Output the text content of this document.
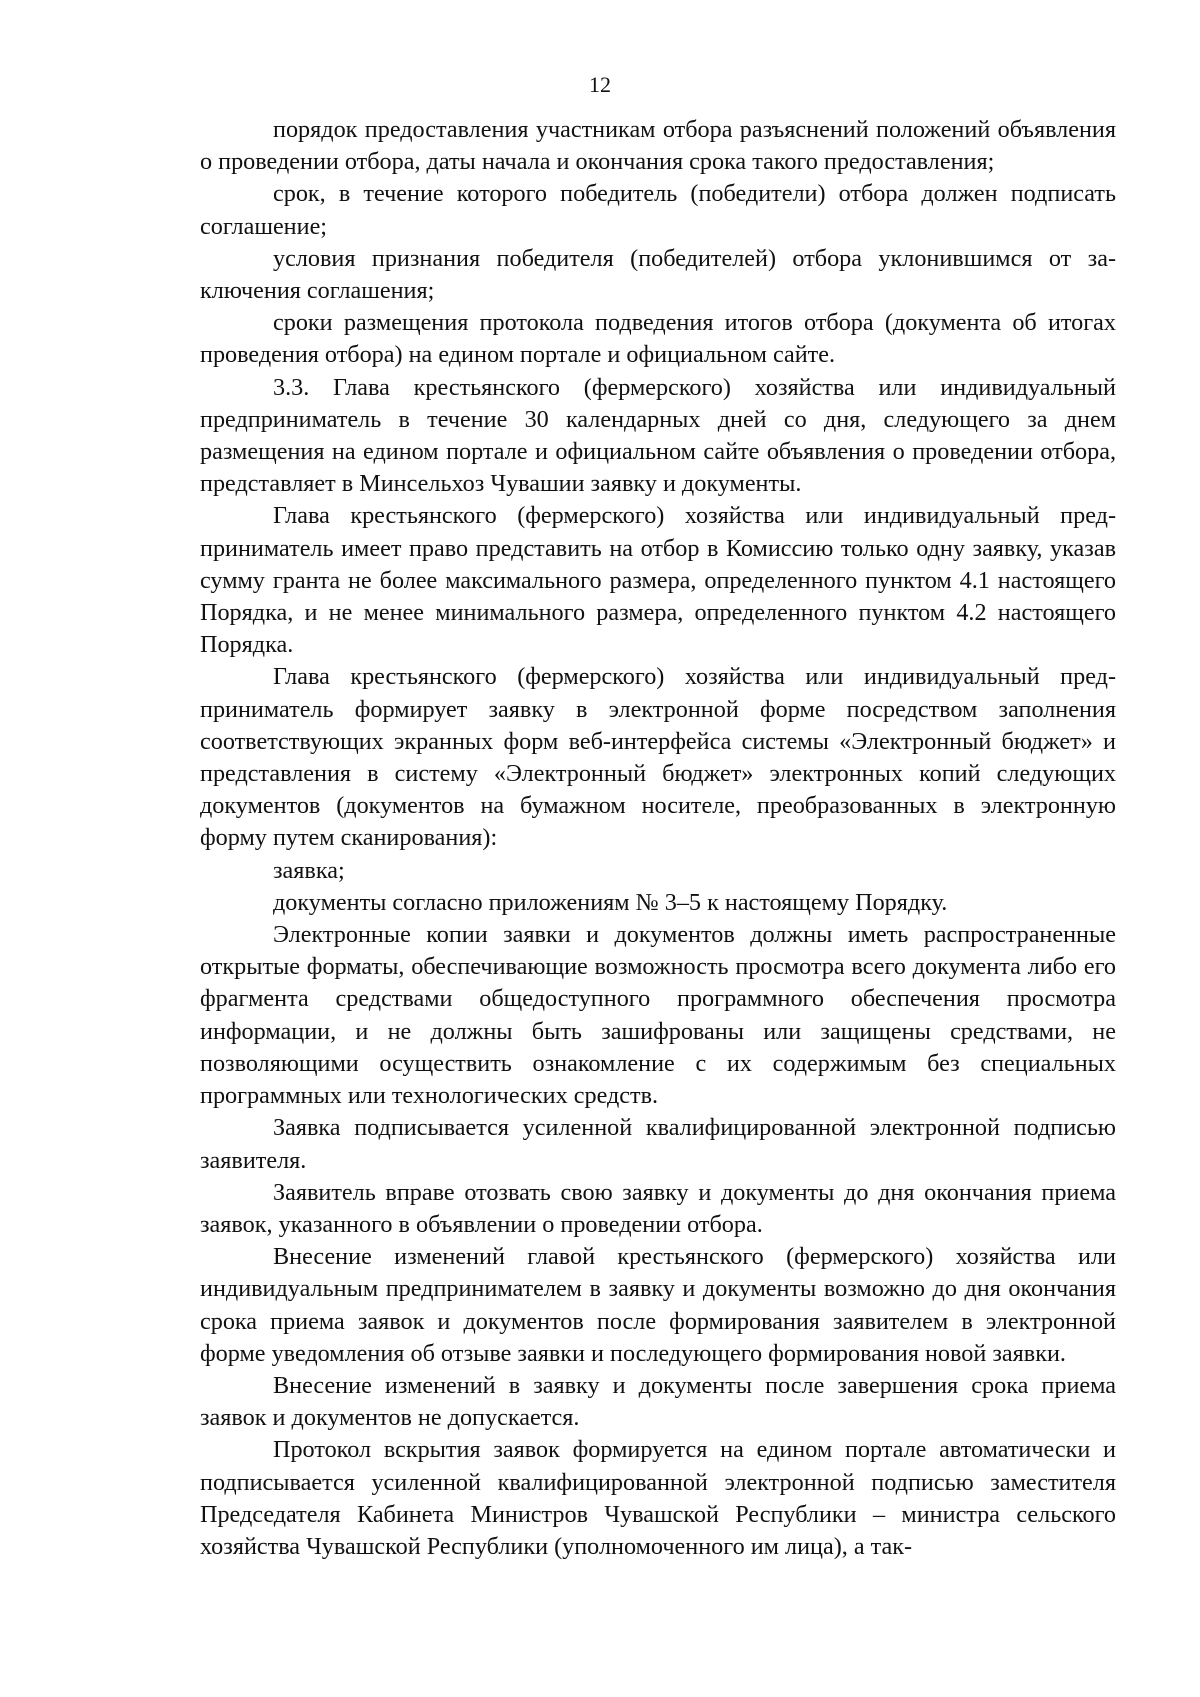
12

порядок предоставления участникам отбора разъяснений положений объявления о проведении отбора, даты начала и окончания срока такого предоставления;

срок, в течение которого победитель (победители) отбора должен подписать соглашение;

условия признания победителя (победителей) отбора уклонившимся от заключения соглашения;

сроки размещения протокола подведения итогов отбора (документа об итогах проведения отбора) на едином портале и официальном сайте.

3.3. Глава крестьянского (фермерского) хозяйства или индивидуальный предприниматель в течение 30 календарных дней со дня, следующего за днем размещения на едином портале и официальном сайте объявления о проведении отбора, представляет в Минсельхоз Чувашии заявку и документы.

Глава крестьянского (фермерского) хозяйства или индивидуальный предприниматель имеет право представить на отбор в Комиссию только одну заявку, указав сумму гранта не более максимального размера, определенного пунктом 4.1 настоящего Порядка, и не менее минимального размера, определенного пунктом 4.2 настоящего Порядка.

Глава крестьянского (фермерского) хозяйства или индивидуальный предприниматель формирует заявку в электронной форме посредством заполнения соответствующих экранных форм веб-интерфейса системы «Электронный бюджет» и представления в систему «Электронный бюджет» электронных копий следующих документов (документов на бумажном носителе, преобразованных в электронную форму путем сканирования):

заявка;

документы согласно приложениям № 3–5 к настоящему Порядку.

Электронные копии заявки и документов должны иметь распространенные открытые форматы, обеспечивающие возможность просмотра всего документа либо его фрагмента средствами общедоступного программного обеспечения просмотра информации, и не должны быть зашифрованы или защищены средствами, не позволяющими осуществить ознакомление с их содержимым без специальных программных или технологических средств.

Заявка подписывается усиленной квалифицированной электронной подписью заявителя.

Заявитель вправе отозвать свою заявку и документы до дня окончания приема заявок, указанного в объявлении о проведении отбора.

Внесение изменений главой крестьянского (фермерского) хозяйства или индивидуальным предпринимателем в заявку и документы возможно до дня окончания срока приема заявок и документов после формирования заявителем в электронной форме уведомления об отзыве заявки и последующего формирования новой заявки.

Внесение изменений в заявку и документы после завершения срока приема заявок и документов не допускается.

Протокол вскрытия заявок формируется на едином портале автоматически и подписывается усиленной квалифицированной электронной подписью заместителя Председателя Кабинета Министров Чувашской Республики – министра сельского хозяйства Чувашской Республики (уполномоченного им лица), а так-
